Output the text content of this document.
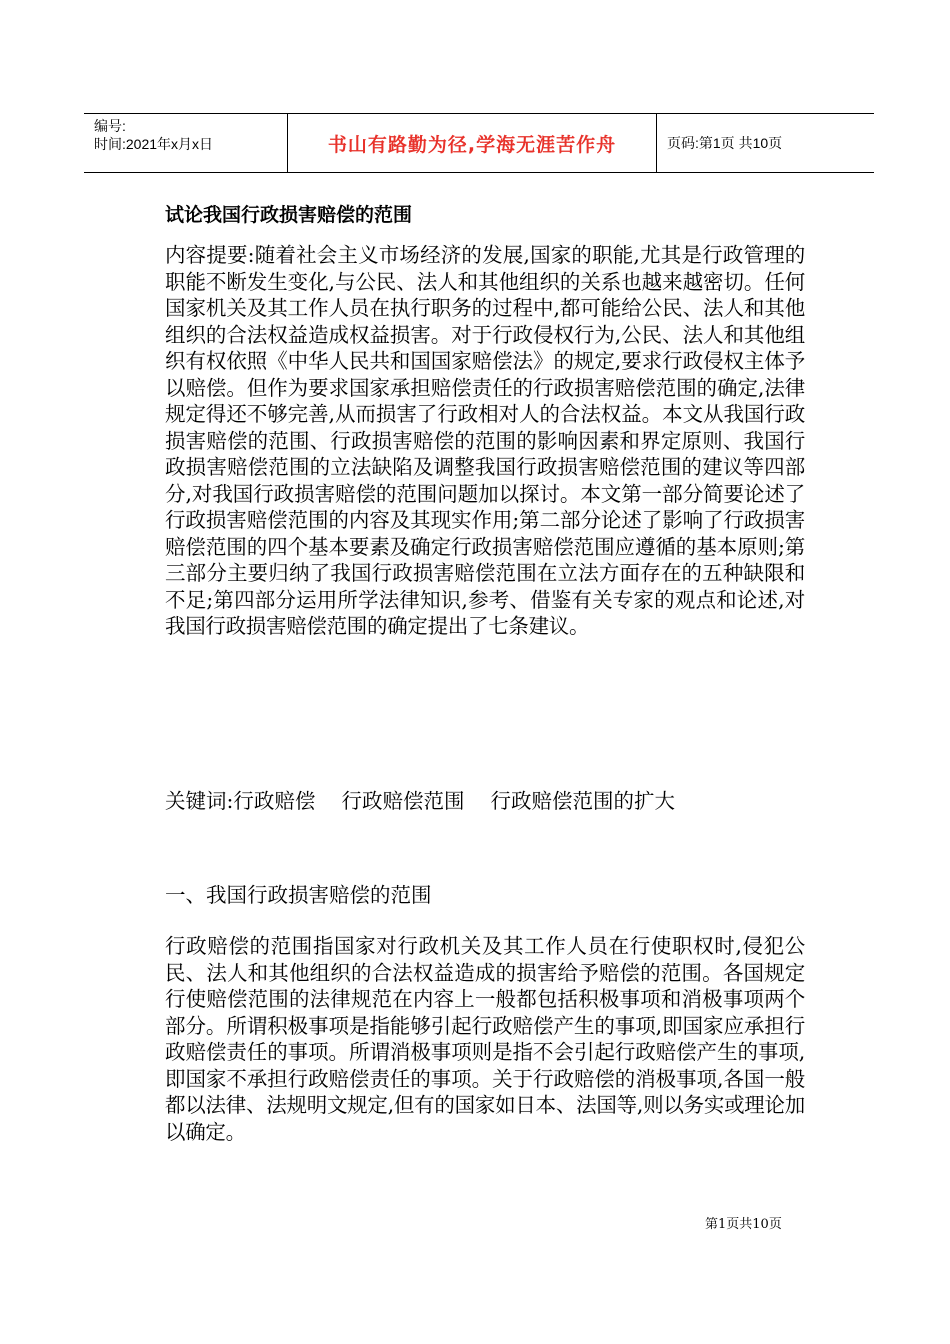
编号:
时间:2021年x月x日	书山有路勤为径,学海无涯苦作舟	页码:第1页 共10页
试论我国行政损害赔偿的范围

内容提要:随着社会主义市场经济的发展,国家的职能,尤其是行政管理的职能不断发生变化,与公民、法人和其他组织的关系也越来越密切。任何国家机关及其工作人员在执行职务的过程中,都可能给公民、法人和其他组织的合法权益造成权益损害。对于行政侵权行为,公民、法人和其他组织有权依照《中华人民共和国国家赔偿法》的规定,要求行政侵权主体予以赔偿。但作为要求国家承担赔偿责任的行政损害赔偿范围的确定,法律规定得还不够完善,从而损害了行政相对人的合法权益。本文从我国行政损害赔偿的范围、行政损害赔偿的范围的影响因素和界定原则、我国行政损害赔偿范围的立法缺陷及调整我国行政损害赔偿范围的建议等四部分,对我国行政损害赔偿的范围问题加以探讨。本文第一部分简要论述了行政损害赔偿范围的内容及其现实作用;第二部分论述了影响了行政损害赔偿范围的四个基本要素及确定行政损害赔偿范围应遵循的基本原则;第三部分主要归纳了我国行政损害赔偿范围在立法方面存在的五种缺限和不足;第四部分运用所学法律知识,参考、借鉴有关专家的观点和论述,对我国行政损害赔偿范围的确定提出了七条建议。

关键词:行政赔偿    行政赔偿范围    行政赔偿范围的扩大
一、我国行政损害赔偿的范围

行政赔偿的范围指国家对行政机关及其工作人员在行使职权时,侵犯公民、法人和其他组织的合法权益造成的损害给予赔偿的范围。各国规定行使赔偿范围的法律规范在内容上一般都包括积极事项和消极事项两个部分。所谓积极事项是指能够引起行政赔偿产生的事项,即国家应承担行政赔偿责任的事项。所谓消极事项则是指不会引起行政赔偿产生的事项,即国家不承担行政赔偿责任的事项。关于行政赔偿的消极事项,各国一般都以法律、法规明文规定,但有的国家如日本、法国等,则以务实或理论加以确定。

第1页共10页
